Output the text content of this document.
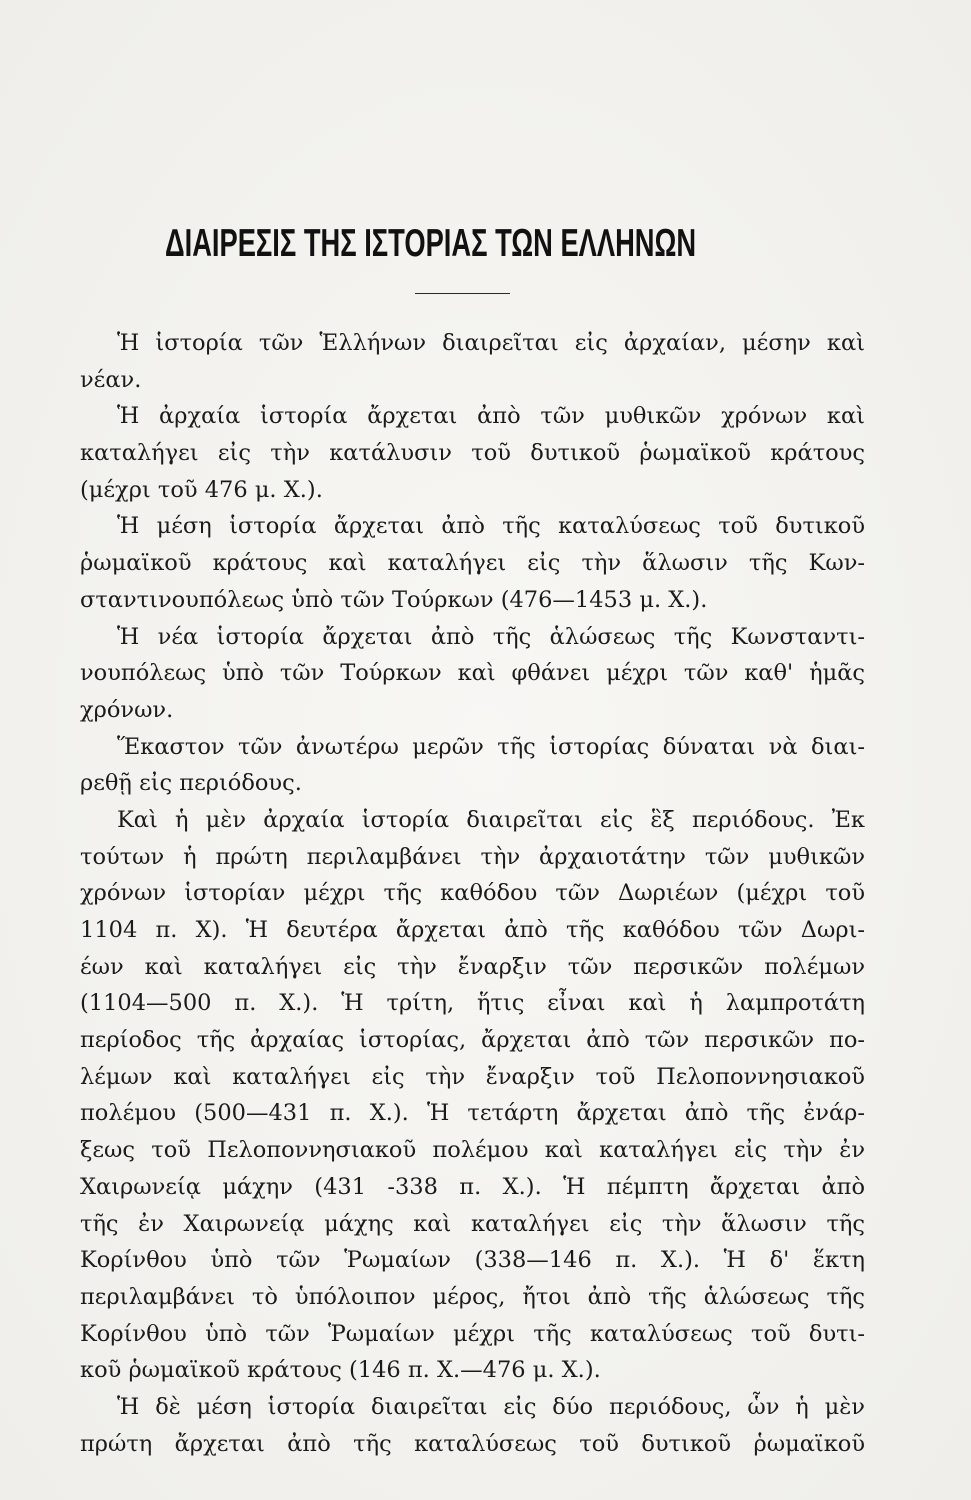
ΔΙΑΙΡΕΣΙΣ ΤΗΣ ΙΣΤΟΡΙΑΣ ΤΩΝ ΕΛΛΗΝΩΝ
Ἡ ἱστορία τῶν Ἑλλήνων διαιρεῖται εἰς ἀρχαίαν, μέσην καὶ
νέαν.
Ἡ ἀρχαία ἱστορία ἄρχεται ἀπὸ τῶν μυθικῶν χρόνων καὶ
καταλήγει εἰς τὴν κατάλυσιν τοῦ δυτικοῦ ῥωμαϊκοῦ κράτους
(μέχρι τοῦ 476 μ. Χ.).
Ἡ μέση ἱστορία ἄρχεται ἀπὸ τῆς καταλύσεως τοῦ δυτικοῦ
ῥωμαϊκοῦ κράτους καὶ καταλήγει εἰς τὴν ἅλωσιν τῆς Κων-
σταντινουπόλεως ὑπὸ τῶν Τούρκων (476—1453 μ. Χ.).
Ἡ νέα ἱστορία ἄρχεται ἀπὸ τῆς ἁλώσεως τῆς Κωνσταντι-
νουπόλεως ὑπὸ τῶν Τούρκων καὶ φθάνει μέχρι τῶν καθ' ἡμᾶς
χρόνων.
Ἕκαστον τῶν ἀνωτέρω μερῶν τῆς ἱστορίας δύναται νὰ διαι-
ρεθῇ εἰς περιόδους.
Καὶ ἡ μὲν ἀρχαία ἱστορία διαιρεῖται εἰς ἓξ περιόδους. Ἐκ
τούτων ἡ πρώτη περιλαμβάνει τὴν ἀρχαιοτάτην τῶν μυθικῶν
χρόνων ἱστορίαν μέχρι τῆς καθόδου τῶν Δωριέων (μέχρι τοῦ
1104 π. Χ). Ἡ δευτέρα ἄρχεται ἀπὸ τῆς καθόδου τῶν Δωρι-
έων καὶ καταλήγει εἰς τὴν ἔναρξιν τῶν περσικῶν πολέμων
(1104—500 π. Χ.). Ἡ τρίτη, ἥτις εἶναι καὶ ἡ λαμπροτάτη
περίοδος τῆς ἀρχαίας ἱστορίας, ἄρχεται ἀπὸ τῶν περσικῶν πο-
λέμων καὶ καταλήγει εἰς τὴν ἔναρξιν τοῦ Πελοποννησιακοῦ
πολέμου (500—431 π. Χ.). Ἡ τετάρτη ἄρχεται ἀπὸ τῆς ἐνάρ-
ξεως τοῦ Πελοποννησιακοῦ πολέμου καὶ καταλήγει εἰς τὴν ἐν
Χαιρωνείᾳ μάχην (431 -338 π. Χ.). Ἡ πέμπτη ἄρχεται ἀπὸ
τῆς ἐν Χαιρωνείᾳ μάχης καὶ καταλήγει εἰς τὴν ἅλωσιν τῆς
Κορίνθου ὑπὸ τῶν Ῥωμαίων (338—146 π. Χ.). Ἡ δ' ἕκτη
περιλαμβάνει τὸ ὑπόλοιπον μέρος, ἤτοι ἀπὸ τῆς ἁλώσεως τῆς
Κορίνθου ὑπὸ τῶν Ῥωμαίων μέχρι τῆς καταλύσεως τοῦ δυτι-
κοῦ ῥωμαϊκοῦ κράτους (146 π. Χ.—476 μ. Χ.).
Ἡ δὲ μέση ἱστορία διαιρεῖται εἰς δύο περιόδους, ὧν ἡ μὲν
πρώτη ἄρχεται ἀπὸ τῆς καταλύσεως τοῦ δυτικοῦ ῥωμαϊκοῦ
